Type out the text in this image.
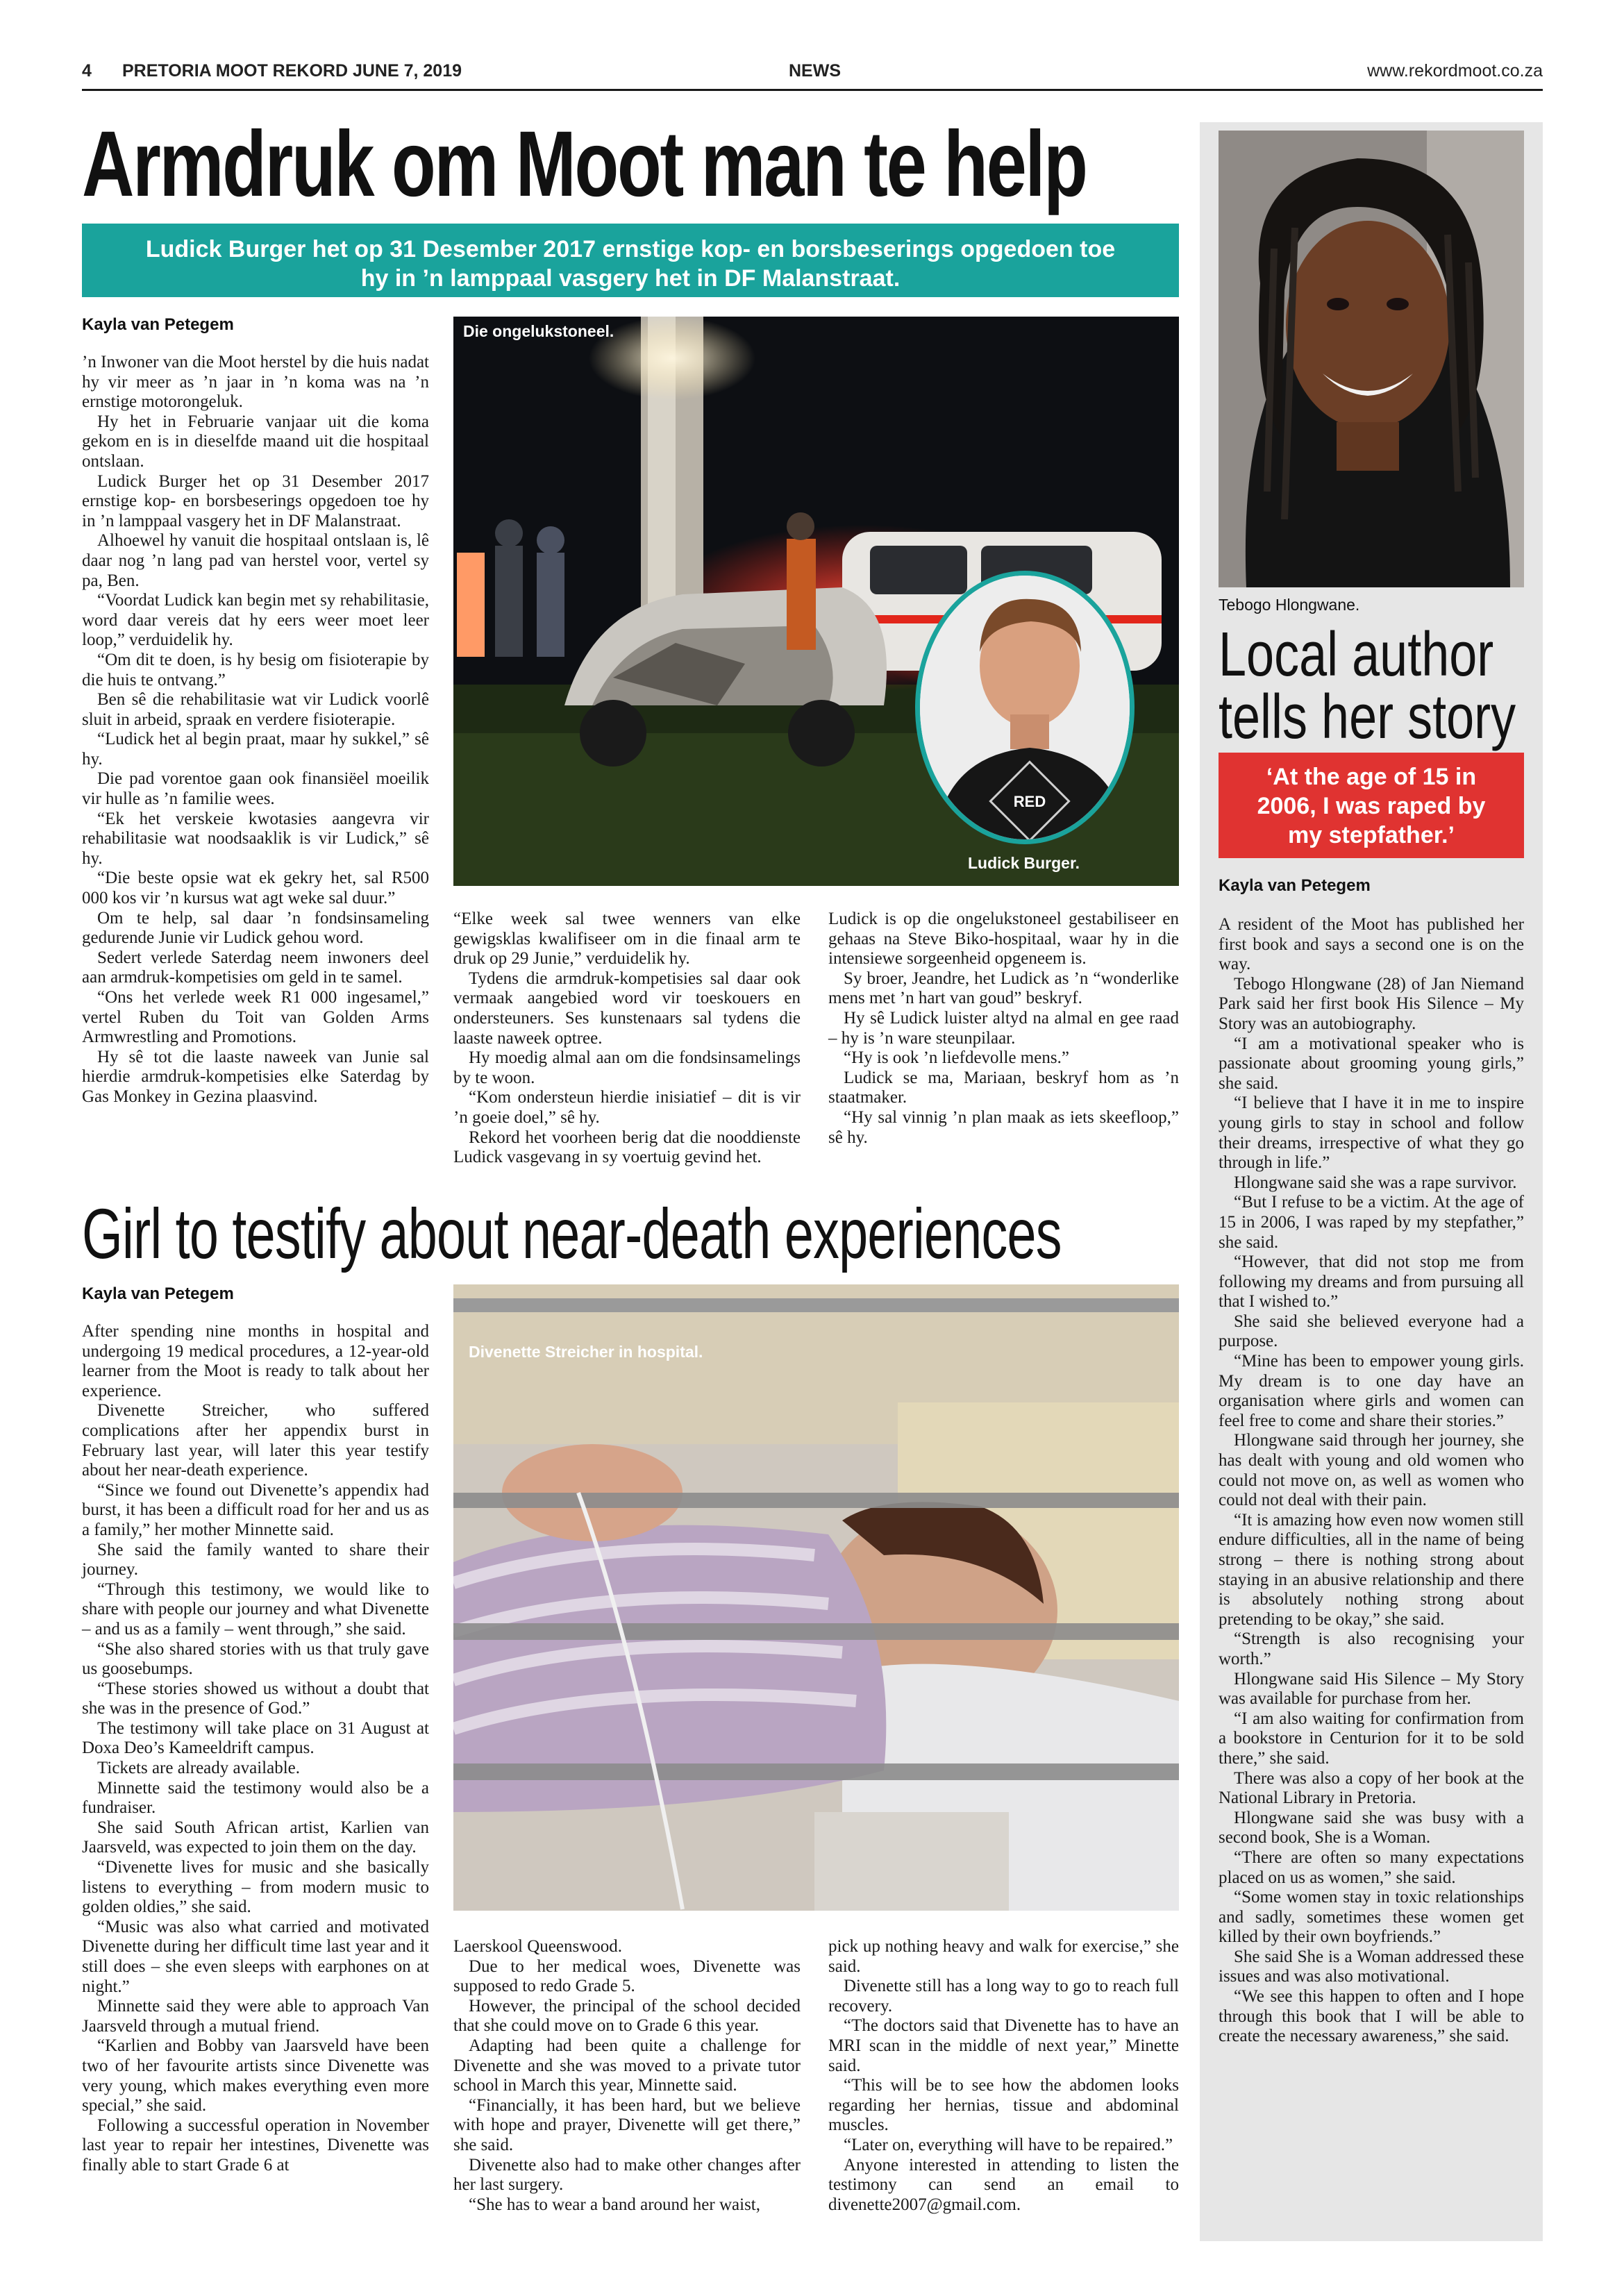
4 PRETORIA MOOT REKORD JUNE 7, 2019	NEWS	www.rekordmoot.co.za
Armdruk om Moot man te help
Ludick Burger het op 31 Desember 2017 ernstige kop- en borsbeserings opgedoen toe hy in ’n lamppaal vasgery het in DF Malanstraat.
Kayla van Petegem

’n Inwoner van die Moot herstel by die huis nadat hy vir meer as ’n jaar in ’n koma was na ’n ernstige motorongeluk.

Hy het in Februarie vanjaar uit die koma gekom en is in dieselfde maand uit die hospitaal ontslaan.

Ludick Burger het op 31 Desember 2017 ernstige kop- en borsbeserings opgedoen toe hy in ’n lamppaal vasgery het in DF Malanstraat.

Alhoewel hy vanuit die hospitaal ontslaan is, lê daar nog ’n lang pad van herstel voor, vertel sy pa, Ben.

“Voordat Ludick kan begin met sy rehabilitasie, word daar vereis dat hy eers weer moet leer loop,” verduidelik hy.

“Om dit te doen, is hy besig om fisioterapie by die huis te ontvang.”

Ben sê die rehabilitasie wat vir Ludick voorlê sluit in arbeid, spraak en verdere fisioterapie.

“Ludick het al begin praat, maar hy sukkel,” sê hy.

Die pad vorentoe gaan ook finansiëel moeilik vir hulle as ’n familie wees.

“Ek het verskeie kwotasies aangevra vir rehabilitasie wat noodsaaklik is vir Ludick,” sê hy.

“Die beste opsie wat ek gekry het, sal R500 000 kos vir ’n kursus wat agt weke sal duur.”

Om te help, sal daar ’n fondsinsameling gedurende Junie vir Ludick gehou word.

Sedert verlede Saterdag neem inwoners deel aan armdruk-kompetisies om geld in te samel.

“Ons het verlede week R1 000 ingesamel,” vertel Ruben du Toit van Golden Arms Armwrestling and Promotions.

Hy sê tot die laaste naweek van Junie sal hierdie armdruk-kompetisies elke Saterdag by Gas Monkey in Gezina plaasvind.

Die ongelukstoneel.
RED
Ludick Burger.

“Elke week sal twee wenners van elke gewigsklas kwalifiseer om in die finaal arm te druk op 29 Junie,” verduidelik hy.

Tydens die armdruk-kompetisies sal daar ook vermaak aangebied word vir toeskouers en ondersteuners. Ses kunstenaars sal tydens die laaste naweek optree.

Hy moedig almal aan om die fondsinsamelings by te woon.

“Kom ondersteun hierdie inisiatief – dit is vir ’n goeie doel,” sê hy.

Rekord het voorheen berig dat die nooddienste Ludick vasgevang in sy voertuig gevind het.

Ludick is op die ongelukstoneel gestabiliseer en gehaas na Steve Biko-hospitaal, waar hy in die intensiewe sorgeenheid opgeneem is.

Sy broer, Jeandre, het Ludick as ’n “wonderlike mens met ’n hart van goud” beskryf.

Hy sê Ludick luister altyd na almal en gee raad – hy is ’n ware steunpilaar.

“Hy is ook ’n liefdevolle mens.”

Ludick se ma, Mariaan, beskryf hom as ’n staatmaker.

“Hy sal vinnig ’n plan maak as iets skeefloop,” sê hy.

Girl to testify about near-death experiences
Kayla van Petegem

After spending nine months in hospital and undergoing 19 medical procedures, a 12-year-old learner from the Moot is ready to talk about her experience.

Divenette Streicher, who suffered complications after her appendix burst in February last year, will later this year testify about her near-death experience.

“Since we found out Divenette’s appendix had burst, it has been a difficult road for her and us as a family,” her mother Minnette said.

She said the family wanted to share their journey.

“Through this testimony, we would like to share with people our journey and what Divenette – and us as a family – went through,” she said.

“She also shared stories with us that truly gave us goosebumps.

“These stories showed us without a doubt that she was in the presence of God.”

The testimony will take place on 31 August at Doxa Deo’s Kameeldrift campus.

Tickets are already available.

Minnette said the testimony would also be a fundraiser.

She said South African artist, Karlien van Jaarsveld, was expected to join them on the day.

“Divenette lives for music and she basically listens to everything – from modern music to golden oldies,” she said.

“Music was also what carried and motivated Divenette during her difficult time last year and it still does – she even sleeps with earphones on at night.”

Minnette said they were able to approach Van Jaarsveld through a mutual friend.

“Karlien and Bobby van Jaarsveld have been two of her favourite artists since Divenette was very young, which makes everything even more special,” she said.

Following a successful operation in November last year to repair her intestines, Divenette was finally able to start Grade 6 at

Divenette Streicher in hospital.

Laerskool Queenswood.

Due to her medical woes, Divenette was supposed to redo Grade 5.

However, the principal of the school decided that she could move on to Grade 6 this year.

Adapting had been quite a challenge for Divenette and she was moved to a private tutor school in March this year, Minnette said.

“Financially, it has been hard, but we believe with hope and prayer, Divenette will get there,” she said.

Divenette also had to make other changes after her last surgery.

“She has to wear a band around her waist,

pick up nothing heavy and walk for exercise,” she said.

Divenette still has a long way to go to reach full recovery.

“The doctors said that Divenette has to have an MRI scan in the middle of next year,” Minette said.

“This will be to see how the abdomen looks regarding her hernias, tissue and abdominal muscles.

“Later on, everything will have to be repaired.”

Anyone interested in attending to listen the testimony can send an email to divenette2007@gmail.com.

Tebogo Hlongwane.
Local author tells her story
‘At the age of 15 in 2006, I was raped by my stepfather.’
Kayla van Petegem

A resident of the Moot has published her first book and says a second one is on the way.

Tebogo Hlongwane (28) of Jan Niemand Park said her first book His Silence – My Story was an autobiography.

“I am a motivational speaker who is passionate about grooming young girls,” she said.

“I believe that I have it in me to inspire young girls to stay in school and follow their dreams, irrespective of what they go through in life.”

Hlongwane said she was a rape survivor.

“But I refuse to be a victim. At the age of 15 in 2006, I was raped by my stepfather,” she said.

“However, that did not stop me from following my dreams and from pursuing all that I wished to.”

She said she believed everyone had a purpose.

“Mine has been to empower young girls. My dream is to one day have an organisation where girls and women can feel free to come and share their stories.”

Hlongwane said through her journey, she has dealt with young and old women who could not move on, as well as women who could not deal with their pain.

“It is amazing how even now women still endure difficulties, all in the name of being strong – there is nothing strong about staying in an abusive relationship and there is absolutely nothing strong about pretending to be okay,” she said.

“Strength is also recognising your worth.”

Hlongwane said His Silence – My Story was available for purchase from her.

“I am also waiting for confirmation from a bookstore in Centurion for it to be sold there,” she said.

There was also a copy of her book at the National Library in Pretoria.

Hlongwane said she was busy with a second book, She is a Woman.

“There are often so many expectations placed on us as women,” she said.

“Some women stay in toxic relationships and sadly, sometimes these women get killed by their own boyfriends.”

She said She is a Woman addressed these issues and was also motivational.

“We see this happen to often and I hope through this book that I will be able to create the necessary awareness,” she said.
